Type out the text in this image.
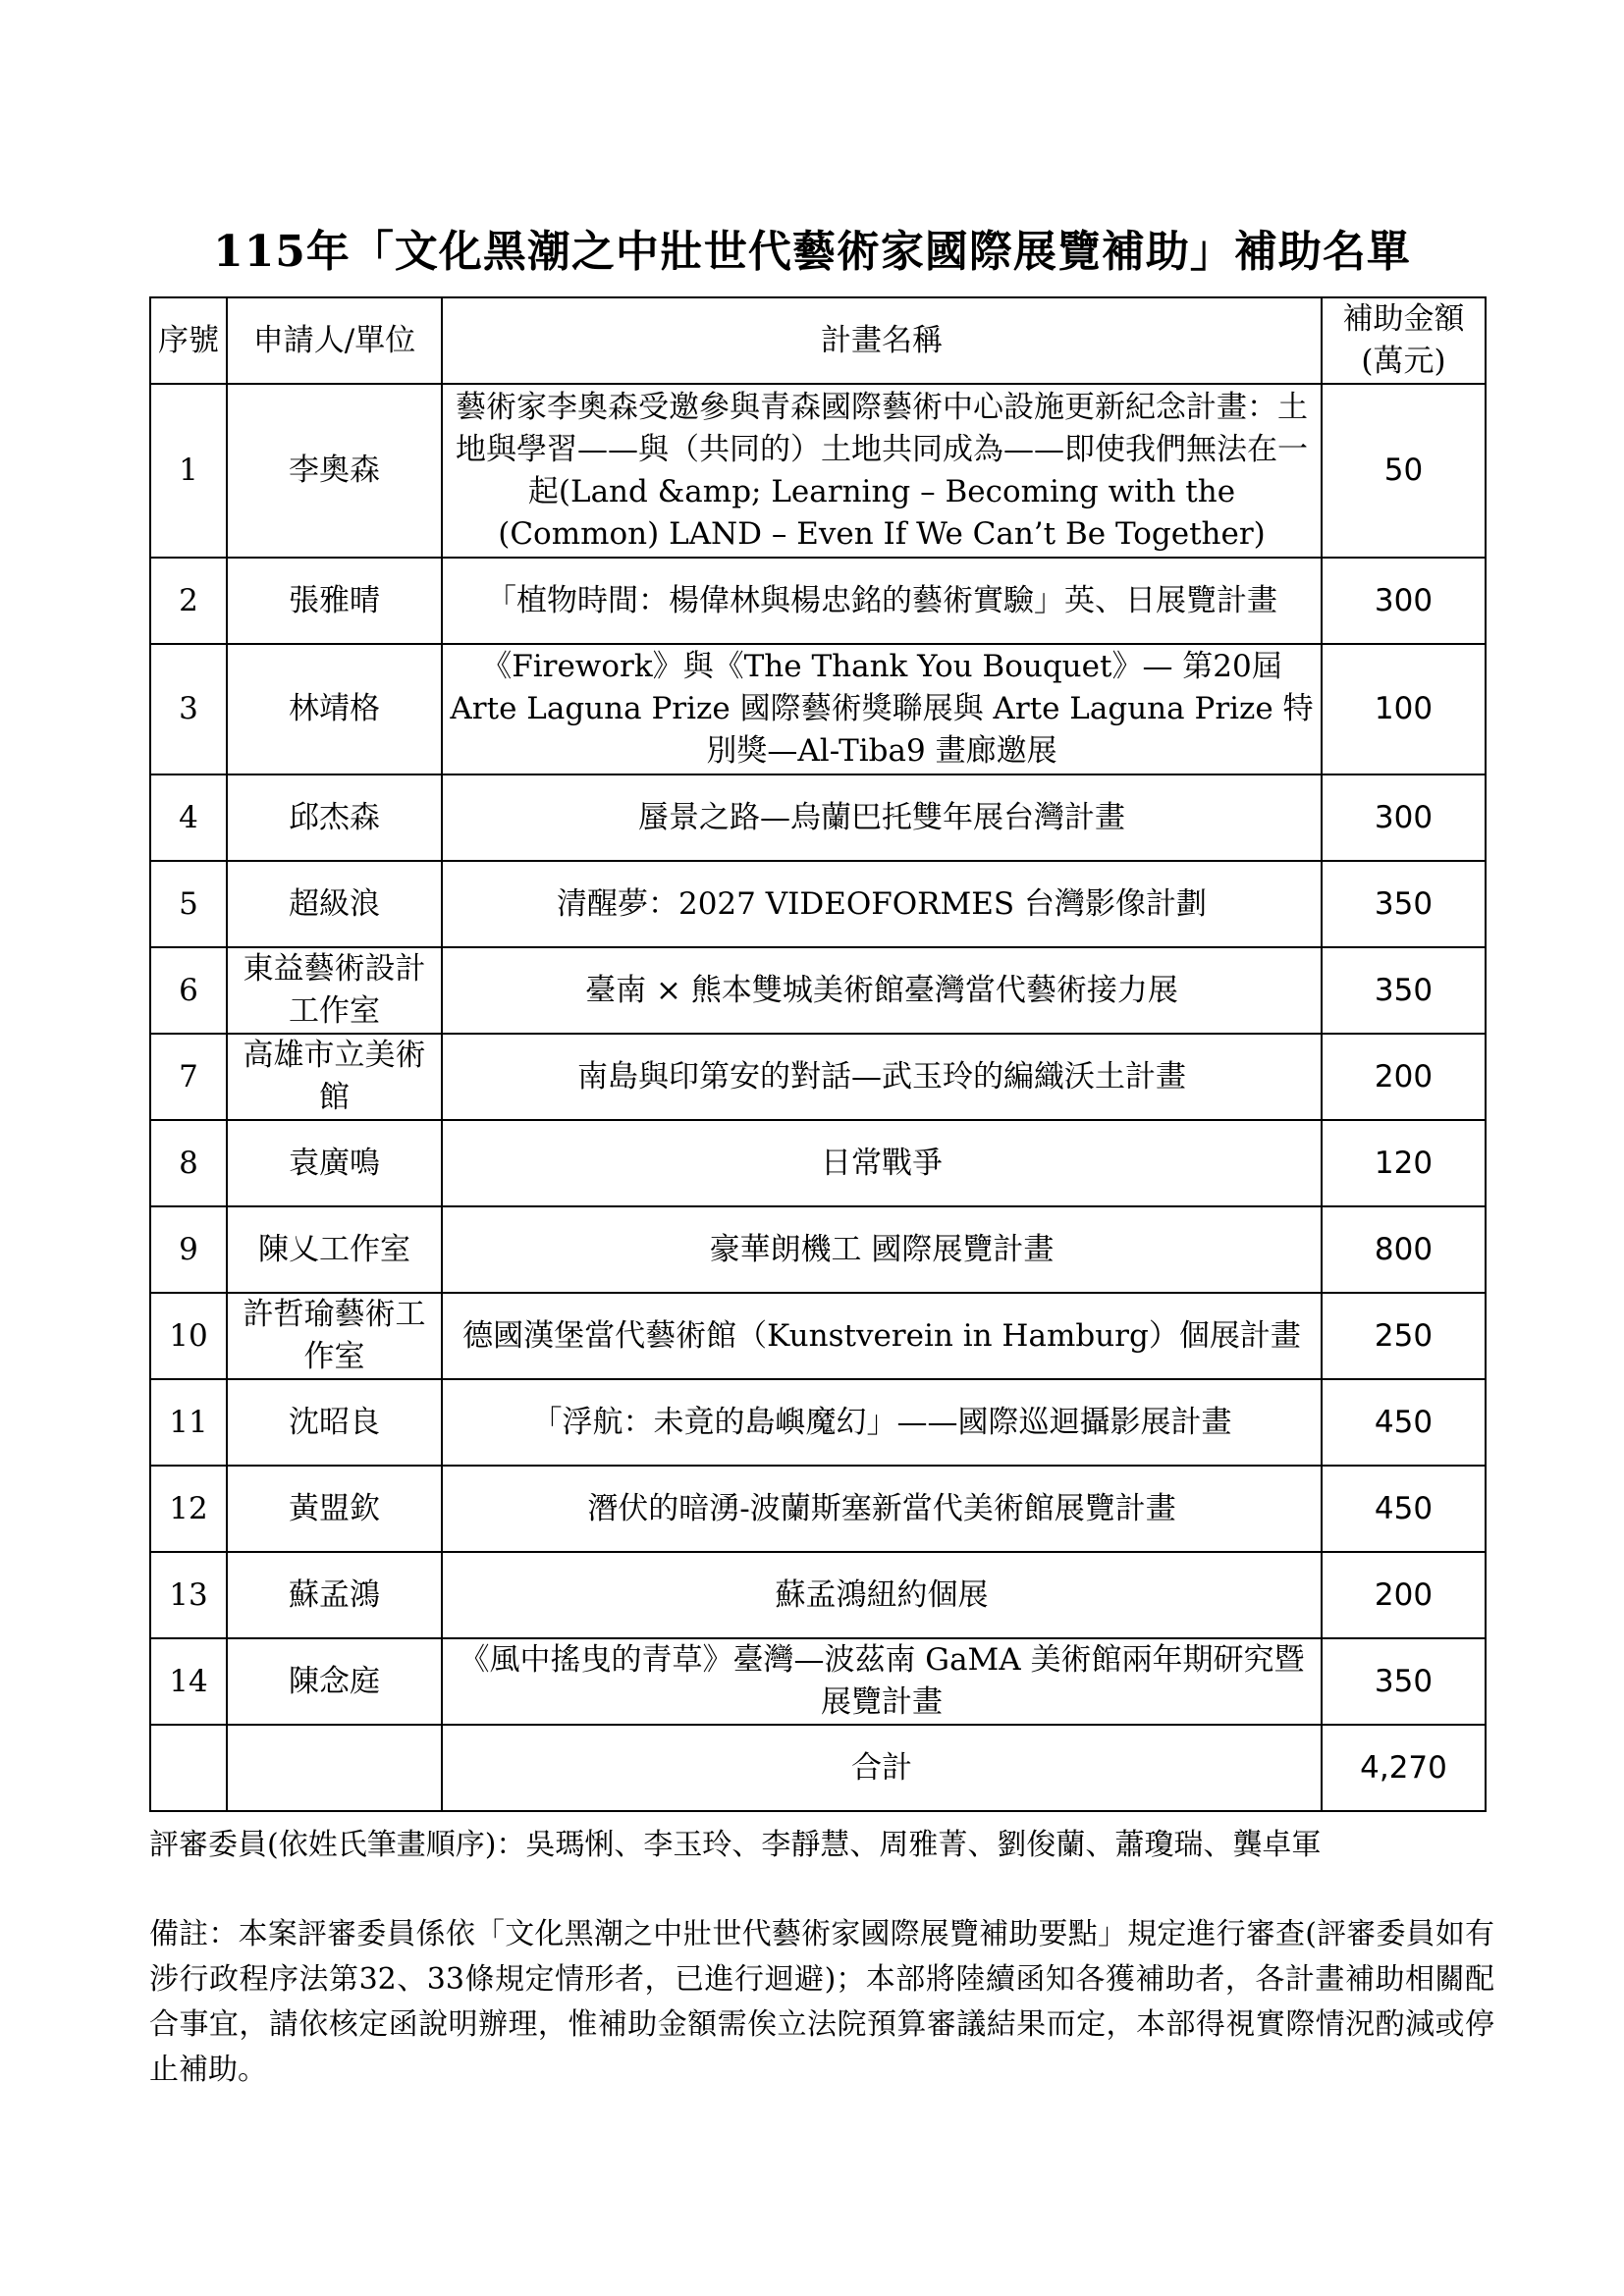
115年「文化黑潮之中壯世代藝術家國際展覽補助」補助名單
序號	申請人/單位	計畫名稱	補助金額
(萬元)

1	李奧森	藝術家李奧森受邀參與青森國際藝術中心設施更新紀念計畫：土地與學習——與（共同的）土地共同成為——即使我們無法在一起(Land &amp; Learning – Becoming with the (Common) LAND – Even If We Can’t Be Together)	50
2	張雅晴	「植物時間：楊偉林與楊忠銘的藝術實驗」英、日展覽計畫	300
3	林靖格	《Firework》與《The Thank You Bouquet》— 第20屆 Arte Laguna Prize 國際藝術獎聯展與 Arte Laguna Prize 特別獎—Al-Tiba9 畫廊邀展	100
4	邱杰森	蜃景之路—烏蘭巴托雙年展台灣計畫	300
5	超級浪	清醒夢：2027 VIDEOFORMES 台灣影像計劃	350
6	東益藝術設計工作室	臺南 × 熊本雙城美術館臺灣當代藝術接力展	350
7	高雄市立美術館	南島與印第安的對話—武玉玲的編織沃土計畫	200
8	袁廣鳴	日常戰爭	120
9	陳乂工作室	豪華朗機工 國際展覽計畫	800
10	許哲瑜藝術工作室	德國漢堡當代藝術館（Kunstverein in Hamburg）個展計畫	250
11	沈昭良	「浮航：未竟的島嶼魔幻」——國際巡迴攝影展計畫	450
12	黃盟欽	潛伏的暗湧-波蘭斯塞新當代美術館展覽計畫	450
13	蘇孟鴻	蘇孟鴻紐約個展	200
14	陳念庭	《風中搖曳的青草》臺灣—波茲南 GaMA 美術館兩年期研究暨展覽計畫	350
		合計	4,270
評審委員(依姓氏筆畫順序)：吳瑪悧、李玉玲、李靜慧、周雅菁、劉俊蘭、蕭瓊瑞、龔卓軍
備註：本案評審委員係依「文化黑潮之中壯世代藝術家國際展覽補助要點」規定進行審查(評審委員如有涉行政程序法第32、33條規定情形者，已進行迴避)；本部將陸續函知各獲補助者，各計畫補助相關配合事宜，請依核定函說明辦理，惟補助金額需俟立法院預算審議結果而定，本部得視實際情況酌減或停止補助。
